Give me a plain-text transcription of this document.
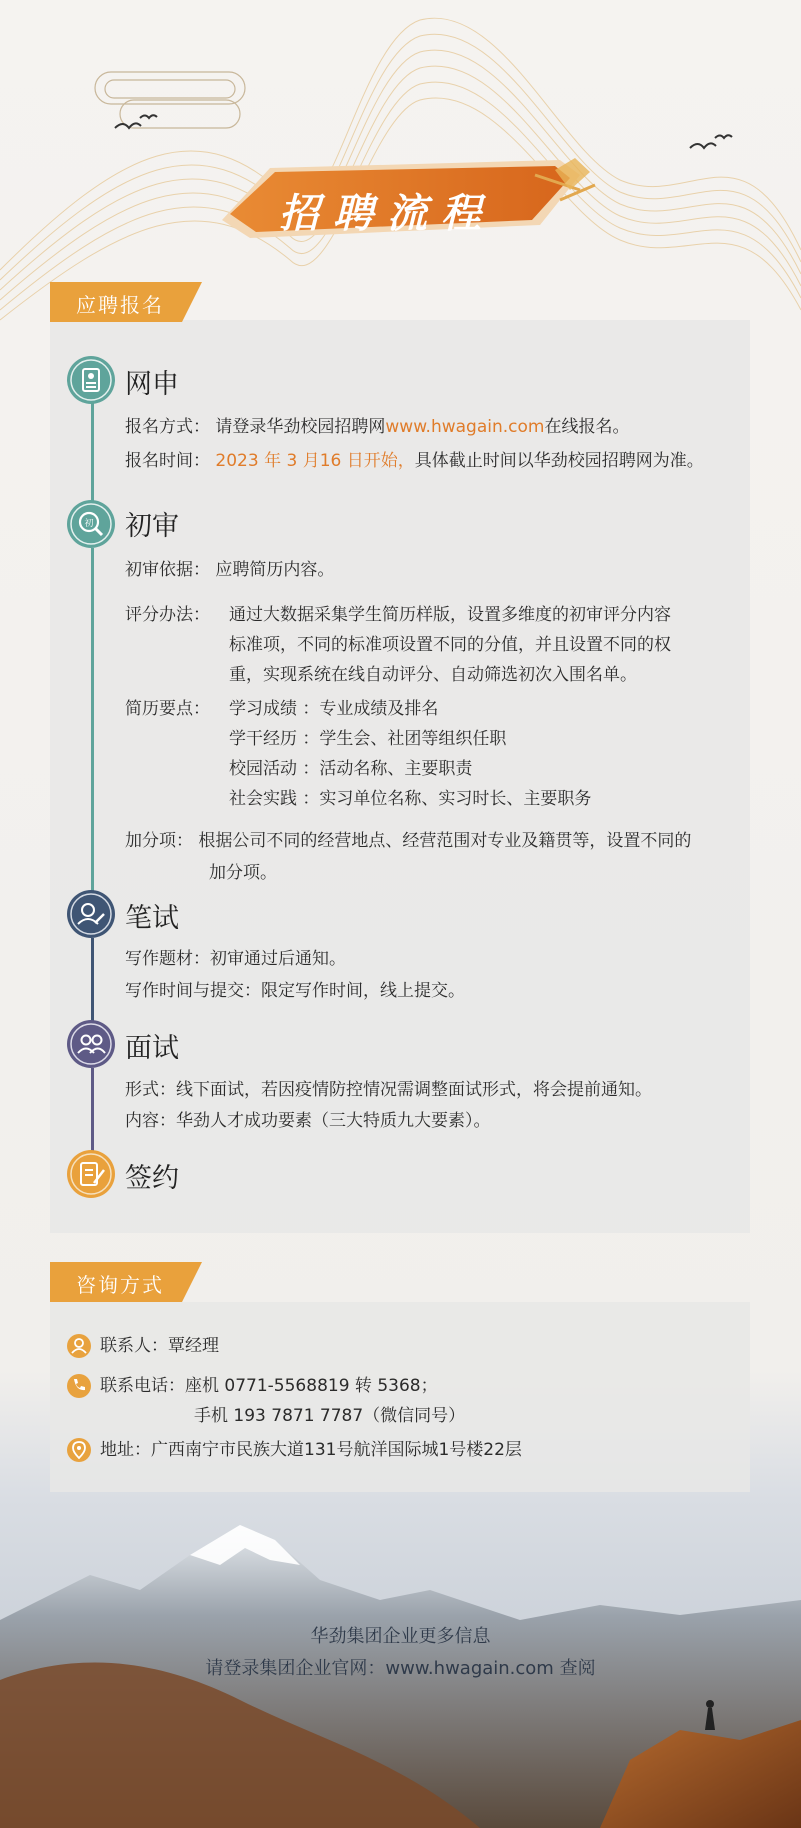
招聘流程
应聘报名
网申
报名方式： 请登录华劲校园招聘网www.hwagain.com在线报名。
报名时间： 2023 年 3 月16 日开始，具体截止时间以华劲校园招聘网为准。
初 初审
初审依据： 应聘简历内容。
评分办法： 通过大数据采集学生简历样版，设置多维度的初审评分内容
标准项，不同的标准项设置不同的分值，并且设置不同的权
重，实现系统在线自动评分、自动筛选初次入围名单。
简历要点： 学习成绩 ：专业成绩及排名
学干经历 ：学生会、社团等组织任职
校园活动 ：活动名称、主要职责
社会实践 ：实习单位名称、实习时长、主要职务
加分项： 根据公司不同的经营地点、经营范围对专业及籍贯等，设置不同的
加分项。
笔试
写作题材：初审通过后通知。
写作时间与提交：限定写作时间，线上提交。
面试
形式：线下面试，若因疫情防控情况需调整面试形式，将会提前通知。
内容：华劲人才成功要素（三大特质九大要素）。
签约
咨询方式
联系人：覃经理
联系电话：座机 0771-5568819 转 5368；
手机 193 7871 7787（微信同号）
地址：广西南宁市民族大道131号航洋国际城1号楼22层
华劲集团企业更多信息
请登录集团企业官网：www.hwagain.com 查阅
